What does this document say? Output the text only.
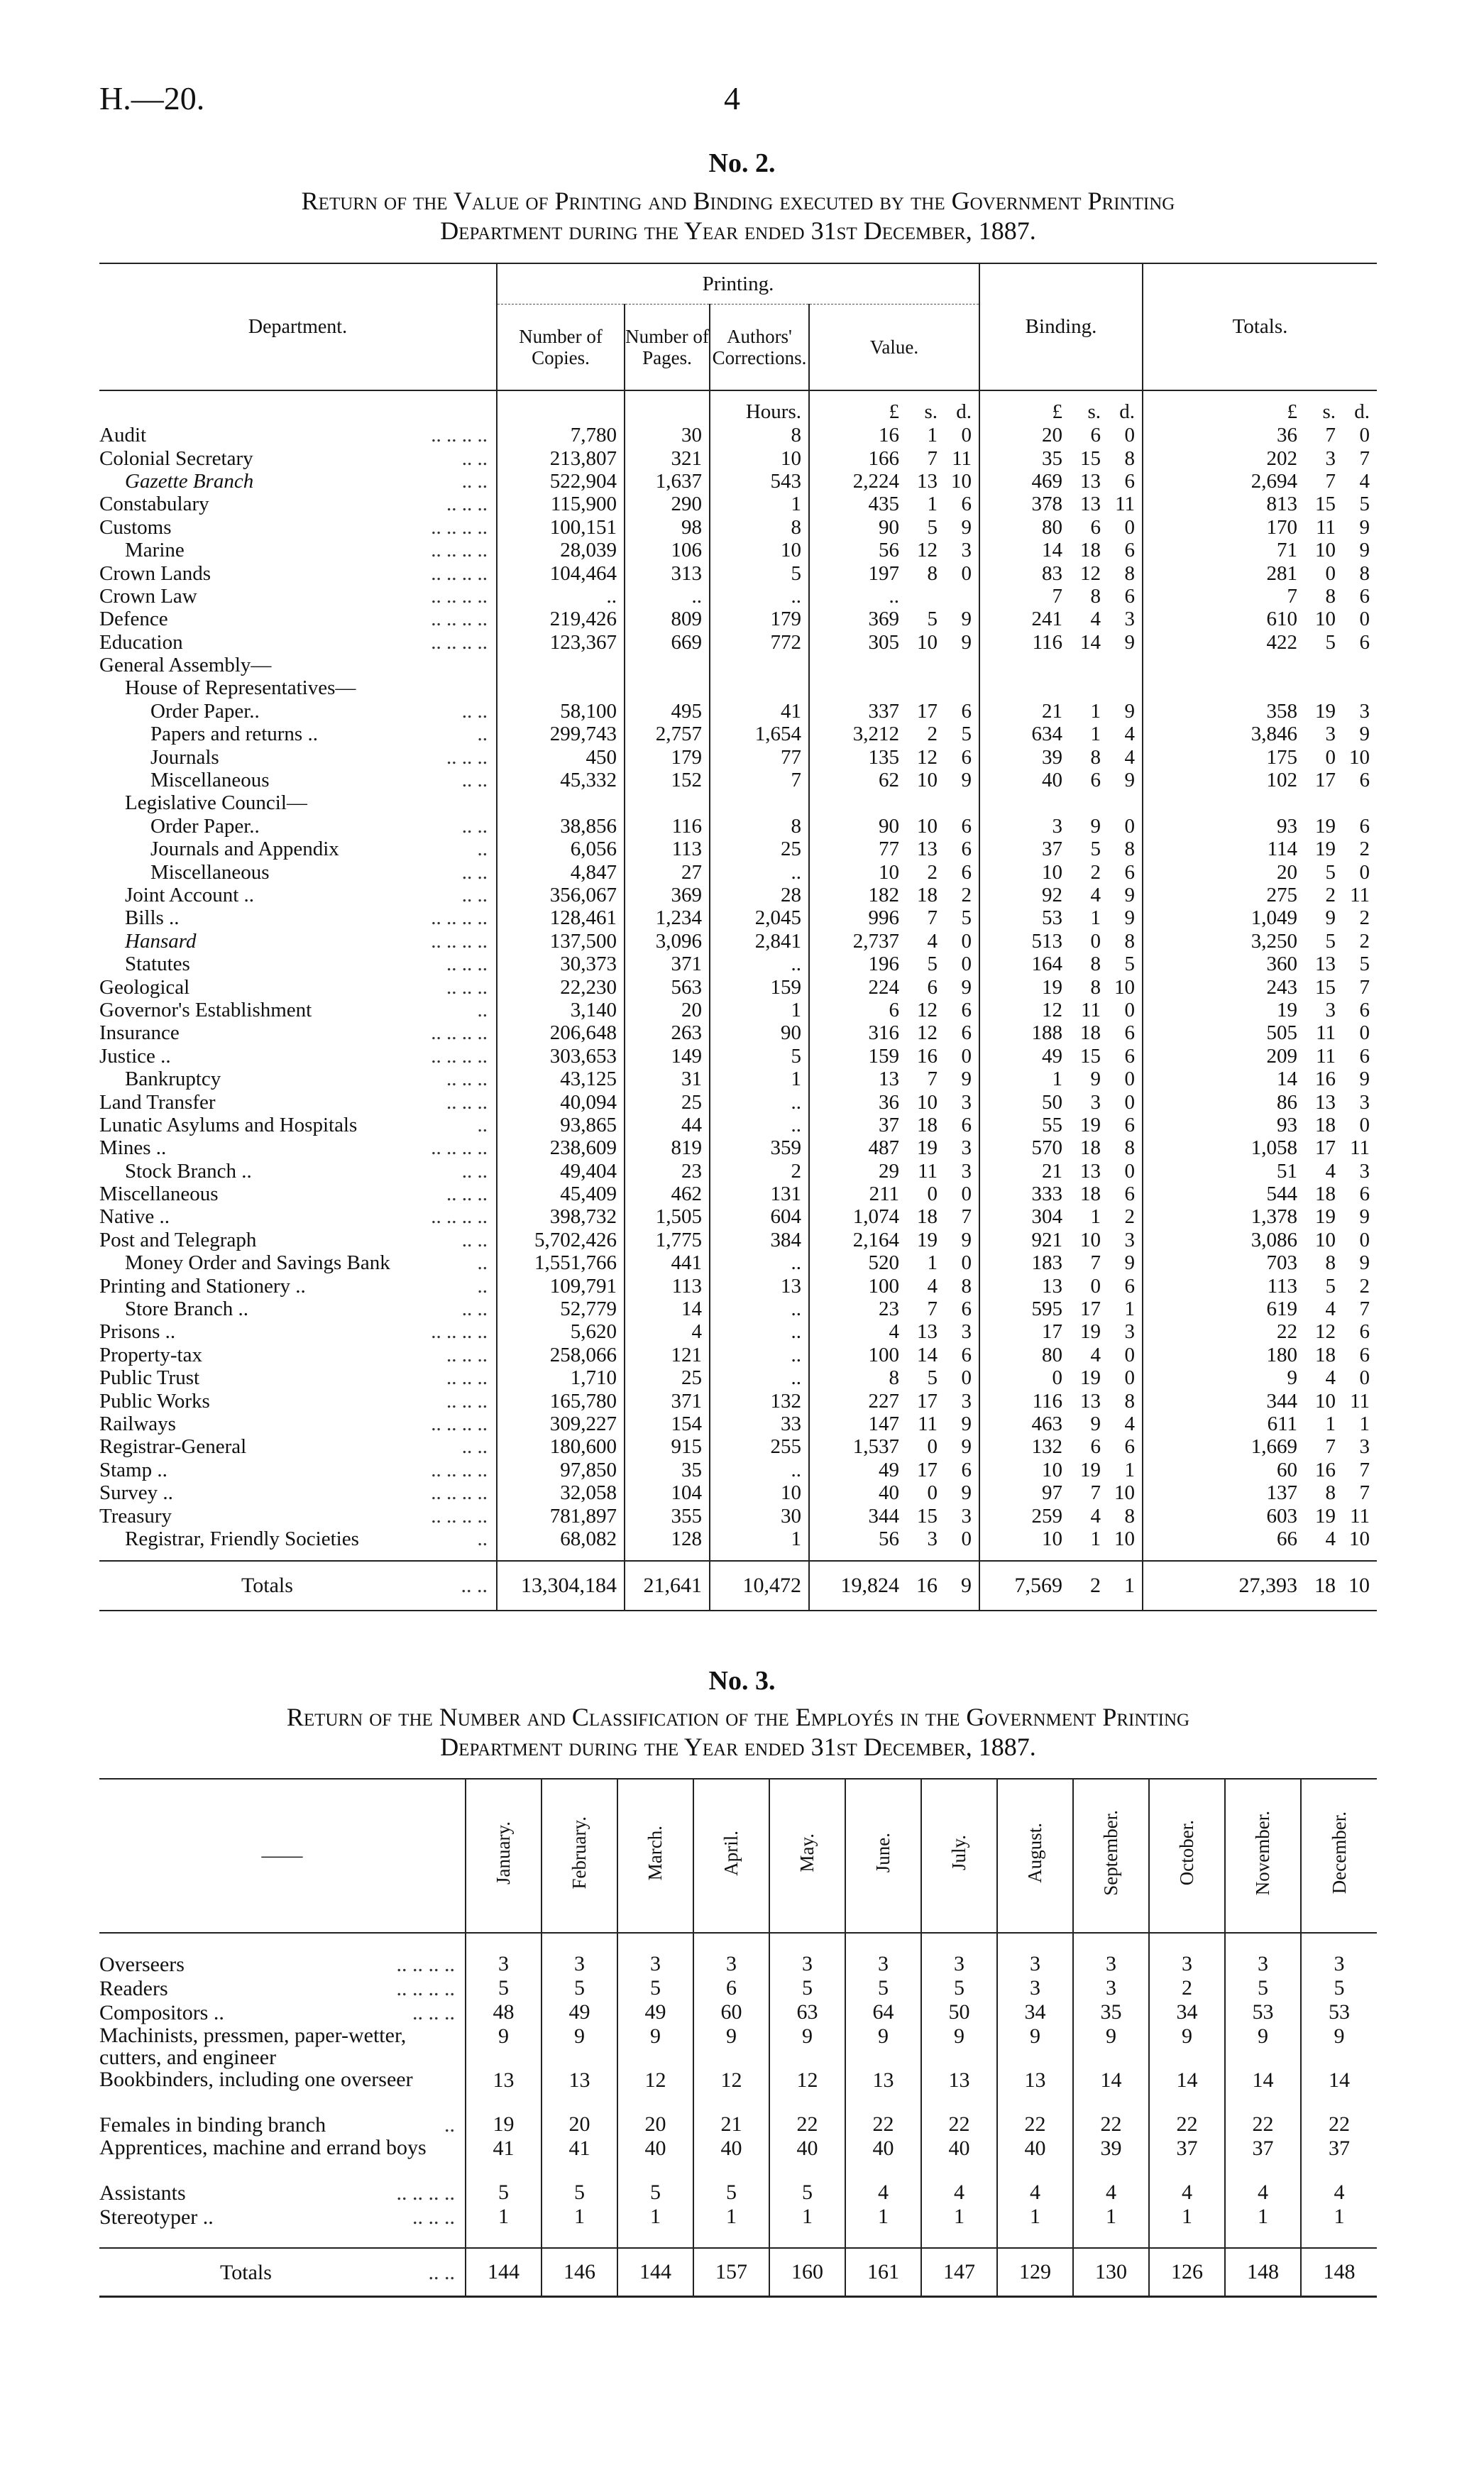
H.—20.	4
No. 2.
Return of the Value of Printing and Binding executed by the Government Printing
Department during the Year ended 31st December, 1887.
Department.	Printing.				Binding.	Totals.
	Number of Copies.	Number of Pages.	Authors' Corrections.	Value.		
			Hours.	£ s. d.	£ s. d.	£ s. d.

Audit .. .. .. ..	7,780	30	8	16 1 0	20 6 0	36 7 0

Colonial Secretary .. ..	213,807	321	10	166 7 11	35 15 8	202 3 7

Gazette Branch .. ..	522,904	1,637	543	2,224 13 10	469 13 6	2,694 7 4

Constabulary .. .. ..	115,900	290	1	435 1 6	378 13 11	813 15 5

Customs .. .. .. ..	100,151	98	8	90 5 9	80 6 0	170 11 9

Marine .. .. .. ..	28,039	106	10	56 12 3	14 18 6	71 10 9

Crown Lands .. .. .. ..	104,464	313	5	197 8 0	83 12 8	281 0 8

Crown Law .. .. .. ..	..	..	..	..	7 8 6	7 8 6

Defence .. .. .. ..	219,426	809	179	369 5 9	241 4 3	610 10 0

Education .. .. .. ..	123,367	669	772	305 10 9	116 14 9	422 5 6

General Assembly—				

House of Representatives—				

Order Paper.. .. ..	58,100	495	41	337 17 6	21 1 9	358 19 3

Papers and returns .. ..	299,743	2,757	1,654	3,212 2 5	634 1 4	3,846 3 9

Journals .. .. ..	450	179	77	135 12 6	39 8 4	175 0 10

Miscellaneous .. ..	45,332	152	7	62 10 9	40 6 9	102 17 6

Legislative Council—				

Order Paper.. .. ..	38,856	116	8	90 10 6	3 9 0	93 19 6

Journals and Appendix ..	6,056	113	25	77 13 6	37 5 8	114 19 2

Miscellaneous .. ..	4,847	27	..	10 2 6	10 2 6	20 5 0

Joint Account .. .. ..	356,067	369	28	182 18 2	92 4 9	275 2 11

Bills .. .. .. .. ..	128,461	1,234	2,045	996 7 5	53 1 9	1,049 9 2

Hansard .. .. .. ..	137,500	3,096	2,841	2,737 4 0	513 0 8	3,250 5 2

Statutes .. .. ..	30,373	371	..	196 5 0	164 8 5	360 13 5

Geological .. .. ..	22,230	563	159	224 6 9	19 8 10	243 15 7

Governor's Establishment ..	3,140	20	1	6 12 6	12 11 0	19 3 6

Insurance .. .. .. ..	206,648	263	90	316 12 6	188 18 6	505 11 0

Justice .. .. .. .. ..	303,653	149	5	159 16 0	49 15 6	209 11 6

Bankruptcy .. .. ..	43,125	31	1	13 7 9	1 9 0	14 16 9

Land Transfer .. .. ..	40,094	25	..	36 10 3	50 3 0	86 13 3

Lunatic Asylums and Hospitals ..	93,865	44	..	37 18 6	55 19 6	93 18 0

Mines .. .. .. .. ..	238,609	819	359	487 19 3	570 18 8	1,058 17 11

Stock Branch .. .. ..	49,404	23	2	29 11 3	21 13 0	51 4 3

Miscellaneous .. .. ..	45,409	462	131	211 0 0	333 18 6	544 18 6

Native .. .. .. .. ..	398,732	1,505	604	1,074 18 7	304 1 2	1,378 19 9

Post and Telegraph .. ..	5,702,426	1,775	384	2,164 19 9	921 10 3	3,086 10 0

Money Order and Savings Bank ..	1,551,766	441	..	520 1 0	183 7 9	703 8 9

Printing and Stationery .. ..	109,791	113	13	100 4 8	13 0 6	113 5 2

Store Branch .. .. ..	52,779	14	..	23 7 6	595 17 1	619 4 7

Prisons .. .. .. .. ..	5,620	4	..	4 13 3	17 19 3	22 12 6

Property-tax .. .. ..	258,066	121	..	100 14 6	80 4 0	180 18 6

Public Trust .. .. ..	1,710	25	..	8 5 0	0 19 0	9 4 0

Public Works .. .. ..	165,780	371	132	227 17 3	116 13 8	344 10 11

Railways .. .. .. ..	309,227	154	33	147 11 9	463 9 4	611 1 1

Registrar-General .. ..	180,600	915	255	1,537 0 9	132 6 6	1,669 7 3

Stamp .. .. .. .. ..	97,850	35	..	49 17 6	10 19 1	60 16 7

Survey .. .. .. .. ..	32,058	104	10	40 0 9	97 7 10	137 8 7

Treasury .. .. .. ..	781,897	355	30	344 15 3	259 4 8	603 19 11

Registrar, Friendly Societies ..	68,082	128	1	56 3 0	10 1 10	66 4 10

Totals .. ..	13,304,184	21,641	10,472	19,824 16 9	7,569 2 1	27,393 18 10
No. 3.
Return of the Number and Classification of the Employés in the Government Printing
Department during the Year ended 31st December, 1887.
——	January.	February.	March.	April.	May.	June.	July.	August.	September.	October.	November.	December.

Overseers .. .. .. ..	3	3	3	3	3	3	3	3	3	3	3	3
Readers .. .. .. ..	5	5	5	6	5	5	5	3	3	2	5	5
Compositors .. .. .. ..	48	49	49	60	63	64	50	34	35	34	53	53
Machinists, pressmen, paper-wetter, cutters, and engineer	9	9	9	9	9	9	9	9	9	9	9	9
Bookbinders, including one overseer	13	13	12	12	12	13	13	13	14	14	14	14
Females in binding branch ..	19	20	20	21	22	22	22	22	22	22	22	22
Apprentices, machine and errand boys	41	41	40	40	40	40	40	40	39	37	37	37
Assistants .. .. .. ..	5	5	5	5	5	4	4	4	4	4	4	4
Stereotyper .. .. .. ..	1	1	1	1	1	1	1	1	1	1	1	1

Totals .. ..	144	146	144	157	160	161	147	129	130	126	148	148
